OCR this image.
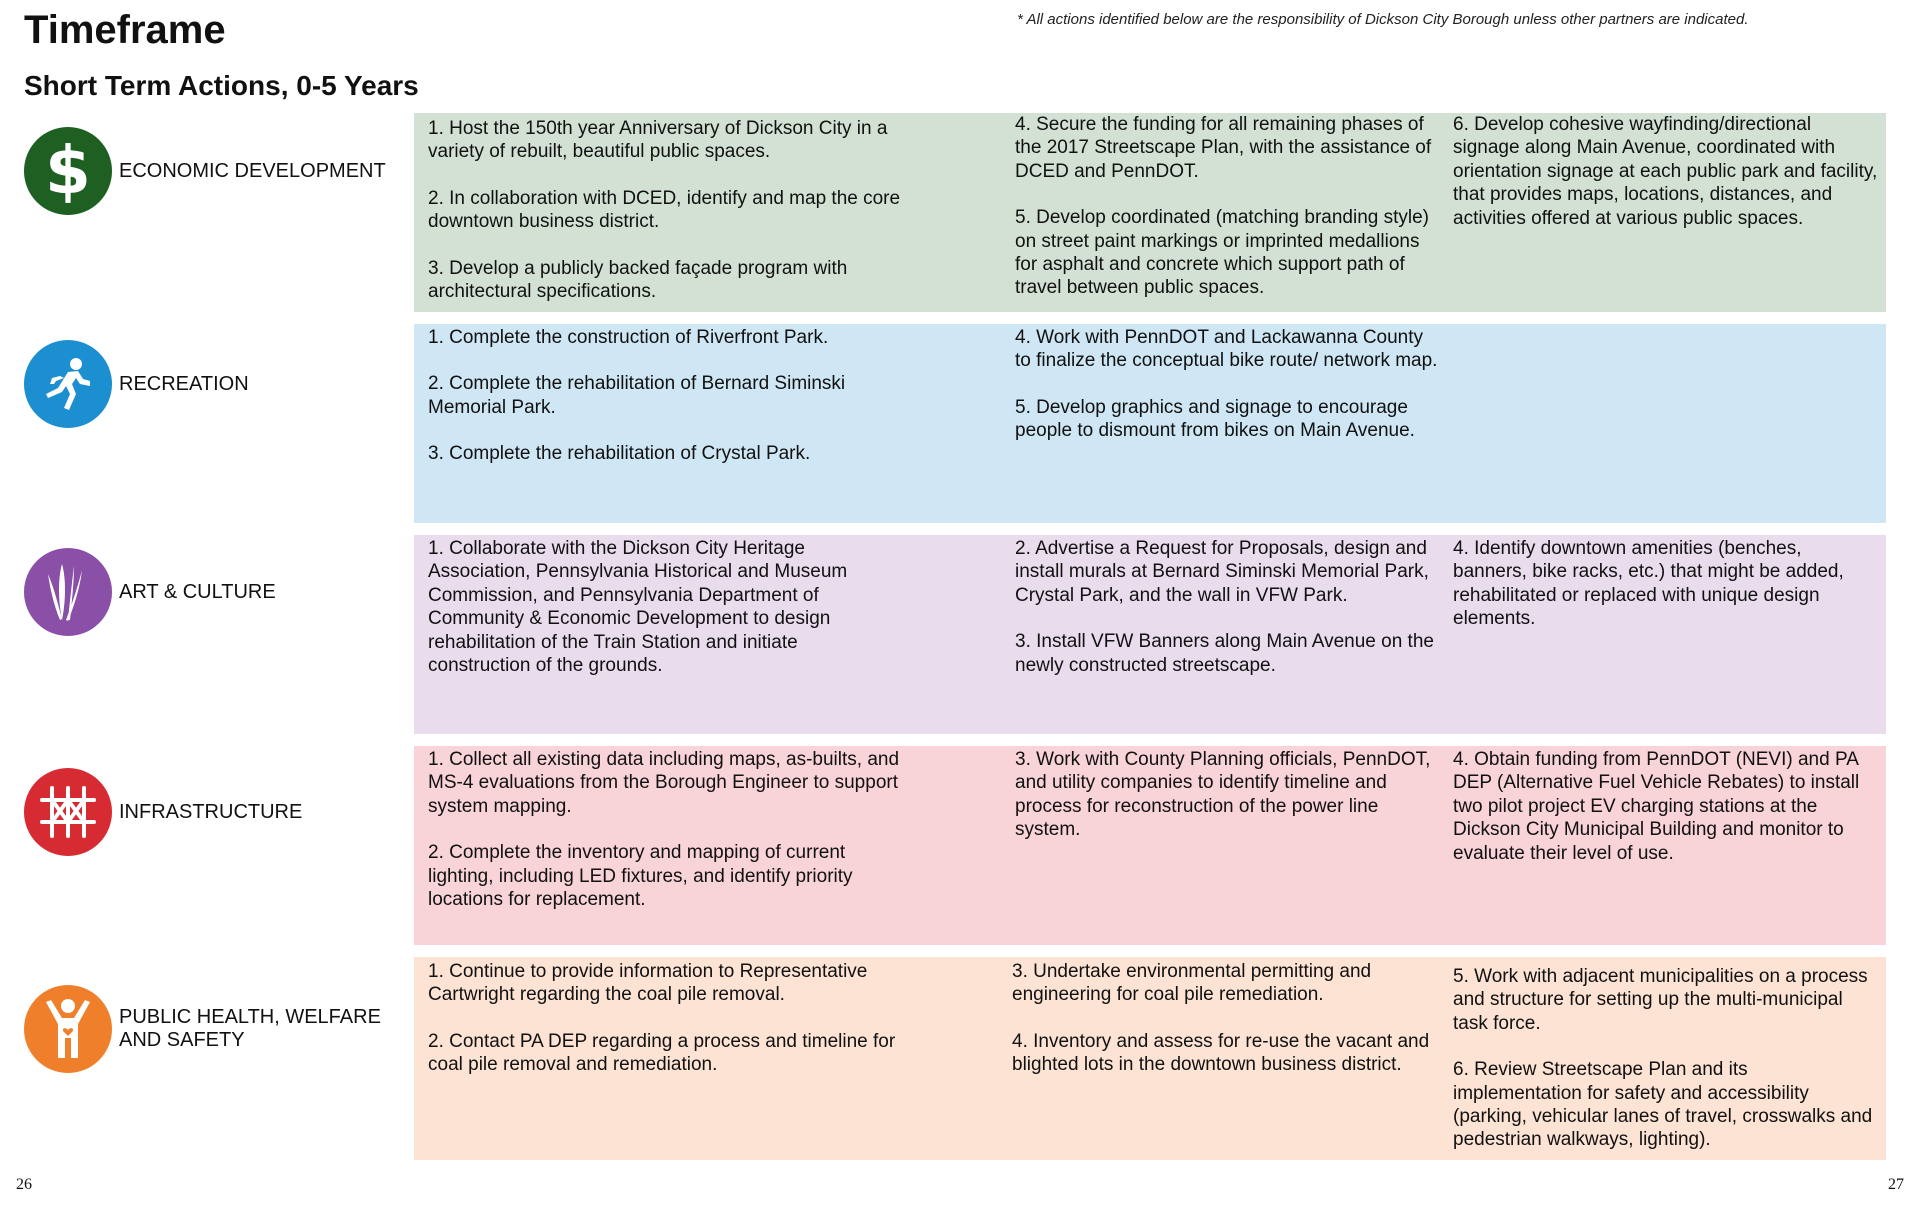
Timeframe
Short Term Actions, 0-5 Years
* All actions identified below are the responsibility of Dickson City Borough unless other partners are indicated.
$ ECONOMIC DEVELOPMENT

1. Host the 150th year Anniversary of Dickson City in a variety of rebuilt, beautiful public spaces.

2. In collaboration with DCED, identify and map the core downtown business district.

3. Develop a publicly backed façade program with architectural specifications.

4. Secure the funding for all remaining phases of the 2017 Streetscape Plan, with the assistance of DCED and PennDOT.

5. Develop coordinated (matching branding style) on street paint markings or imprinted medallions for asphalt and concrete which support path of travel between public spaces.

6. Develop cohesive wayfinding/directional signage along Main Avenue, coordinated with orientation signage at each public park and facility, that provides maps, locations, distances, and activities offered at various public spaces.

RECREATION

1. Complete the construction of Riverfront Park.

2. Complete the rehabilitation of Bernard Siminski Memorial Park.

3. Complete the rehabilitation of Crystal Park.

4. Work with PennDOT and Lackawanna County to finalize the conceptual bike route/ network map.

5. Develop graphics and signage to encourage people to dismount from bikes on Main Avenue.

ART & CULTURE

1. Collaborate with the Dickson City Heritage Association, Pennsylvania Historical and Museum Commission, and Pennsylvania Department of Community & Economic Development to design rehabilitation of the Train Station and initiate construction of the grounds.

2. Advertise a Request for Proposals, design and install murals at Bernard Siminski Memorial Park, Crystal Park, and the wall in VFW Park.

3. Install VFW Banners along Main Avenue on the newly constructed streetscape.

4. Identify downtown amenities (benches, banners, bike racks, etc.) that might be added, rehabilitated or replaced with unique design elements.

INFRASTRUCTURE

1. Collect all existing data including maps, as-builts, and MS-4 evaluations from the Borough Engineer to support system mapping.

2. Complete the inventory and mapping of current lighting, including LED fixtures, and identify priority locations for replacement.

3. Work with County Planning officials, PennDOT, and utility companies to identify timeline and process for reconstruction of the power line system.

4. Obtain funding from PennDOT (NEVI) and PA DEP (Alternative Fuel Vehicle Rebates) to install two pilot project EV charging stations at the Dickson City Municipal Building and monitor to evaluate their level of use.

PUBLIC HEALTH, WELFARE
AND SAFETY

1. Continue to provide information to Representative Cartwright regarding the coal pile removal.

2. Contact PA DEP regarding a process and timeline for coal pile removal and remediation.

3. Undertake environmental permitting and engineering for coal pile remediation.

4. Inventory and assess for re-use the vacant and blighted lots in the downtown business district.

5. Work with adjacent municipalities on a process and structure for setting up the multi-municipal task force.

6. Review Streetscape Plan and its implementation for safety and accessibility (parking, vehicular lanes of travel, crosswalks and pedestrian walkways, lighting).

26	27
